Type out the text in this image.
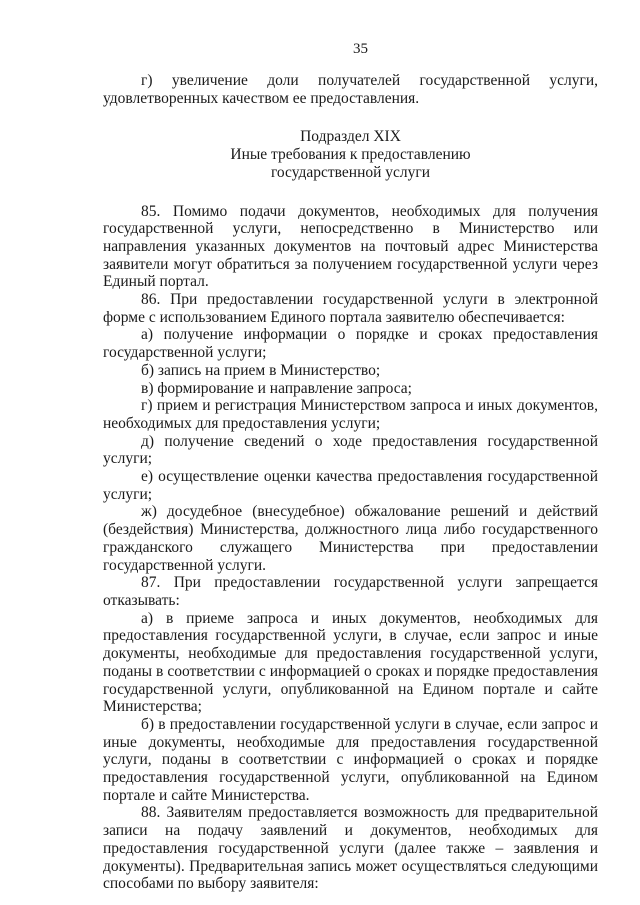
35

г) увеличение доли получателей государственной услуги, удовлетворенных качеством ее предоставления.

Подраздел XIX
Иные требования к предоставлению
государственной услуги

85. Помимо подачи документов, необходимых для получения государственной услуги, непосредственно в Министерство или направления указанных документов на почтовый адрес Министерства заявители могут обратиться за получением государственной услуги через Единый портал.

86. При предоставлении государственной услуги в электронной форме с использованием Единого портала заявителю обеспечивается:

а) получение информации о порядке и сроках предоставления государственной услуги;

б) запись на прием в Министерство;

в) формирование и направление запроса;

г) прием и регистрация Министерством запроса и иных документов, необходимых для предоставления услуги;

д) получение сведений о ходе предоставления государственной услуги;

е) осуществление оценки качества предоставления государственной услуги;

ж) досудебное (внесудебное) обжалование решений и действий (бездействия) Министерства, должностного лица либо государственного гражданского служащего Министерства при предоставлении государственной услуги.

87. При предоставлении государственной услуги запрещается отказывать:

а) в приеме запроса и иных документов, необходимых для предоставления государственной услуги, в случае, если запрос и иные документы, необходимые для предоставления государственной услуги, поданы в соответствии с информацией о сроках и порядке предоставления государственной услуги, опубликованной на Едином портале и сайте Министерства;

б) в предоставлении государственной услуги в случае, если запрос и иные документы, необходимые для предоставления государственной услуги, поданы в соответствии с информацией о сроках и порядке предоставления государственной услуги, опубликованной на Едином портале и сайте Министерства.

88. Заявителям предоставляется возможность для предварительной записи на подачу заявлений и документов, необходимых для предоставления государственной услуги (далее также – заявления и документы). Предварительная запись может осуществляться следующими способами по выбору заявителя:
